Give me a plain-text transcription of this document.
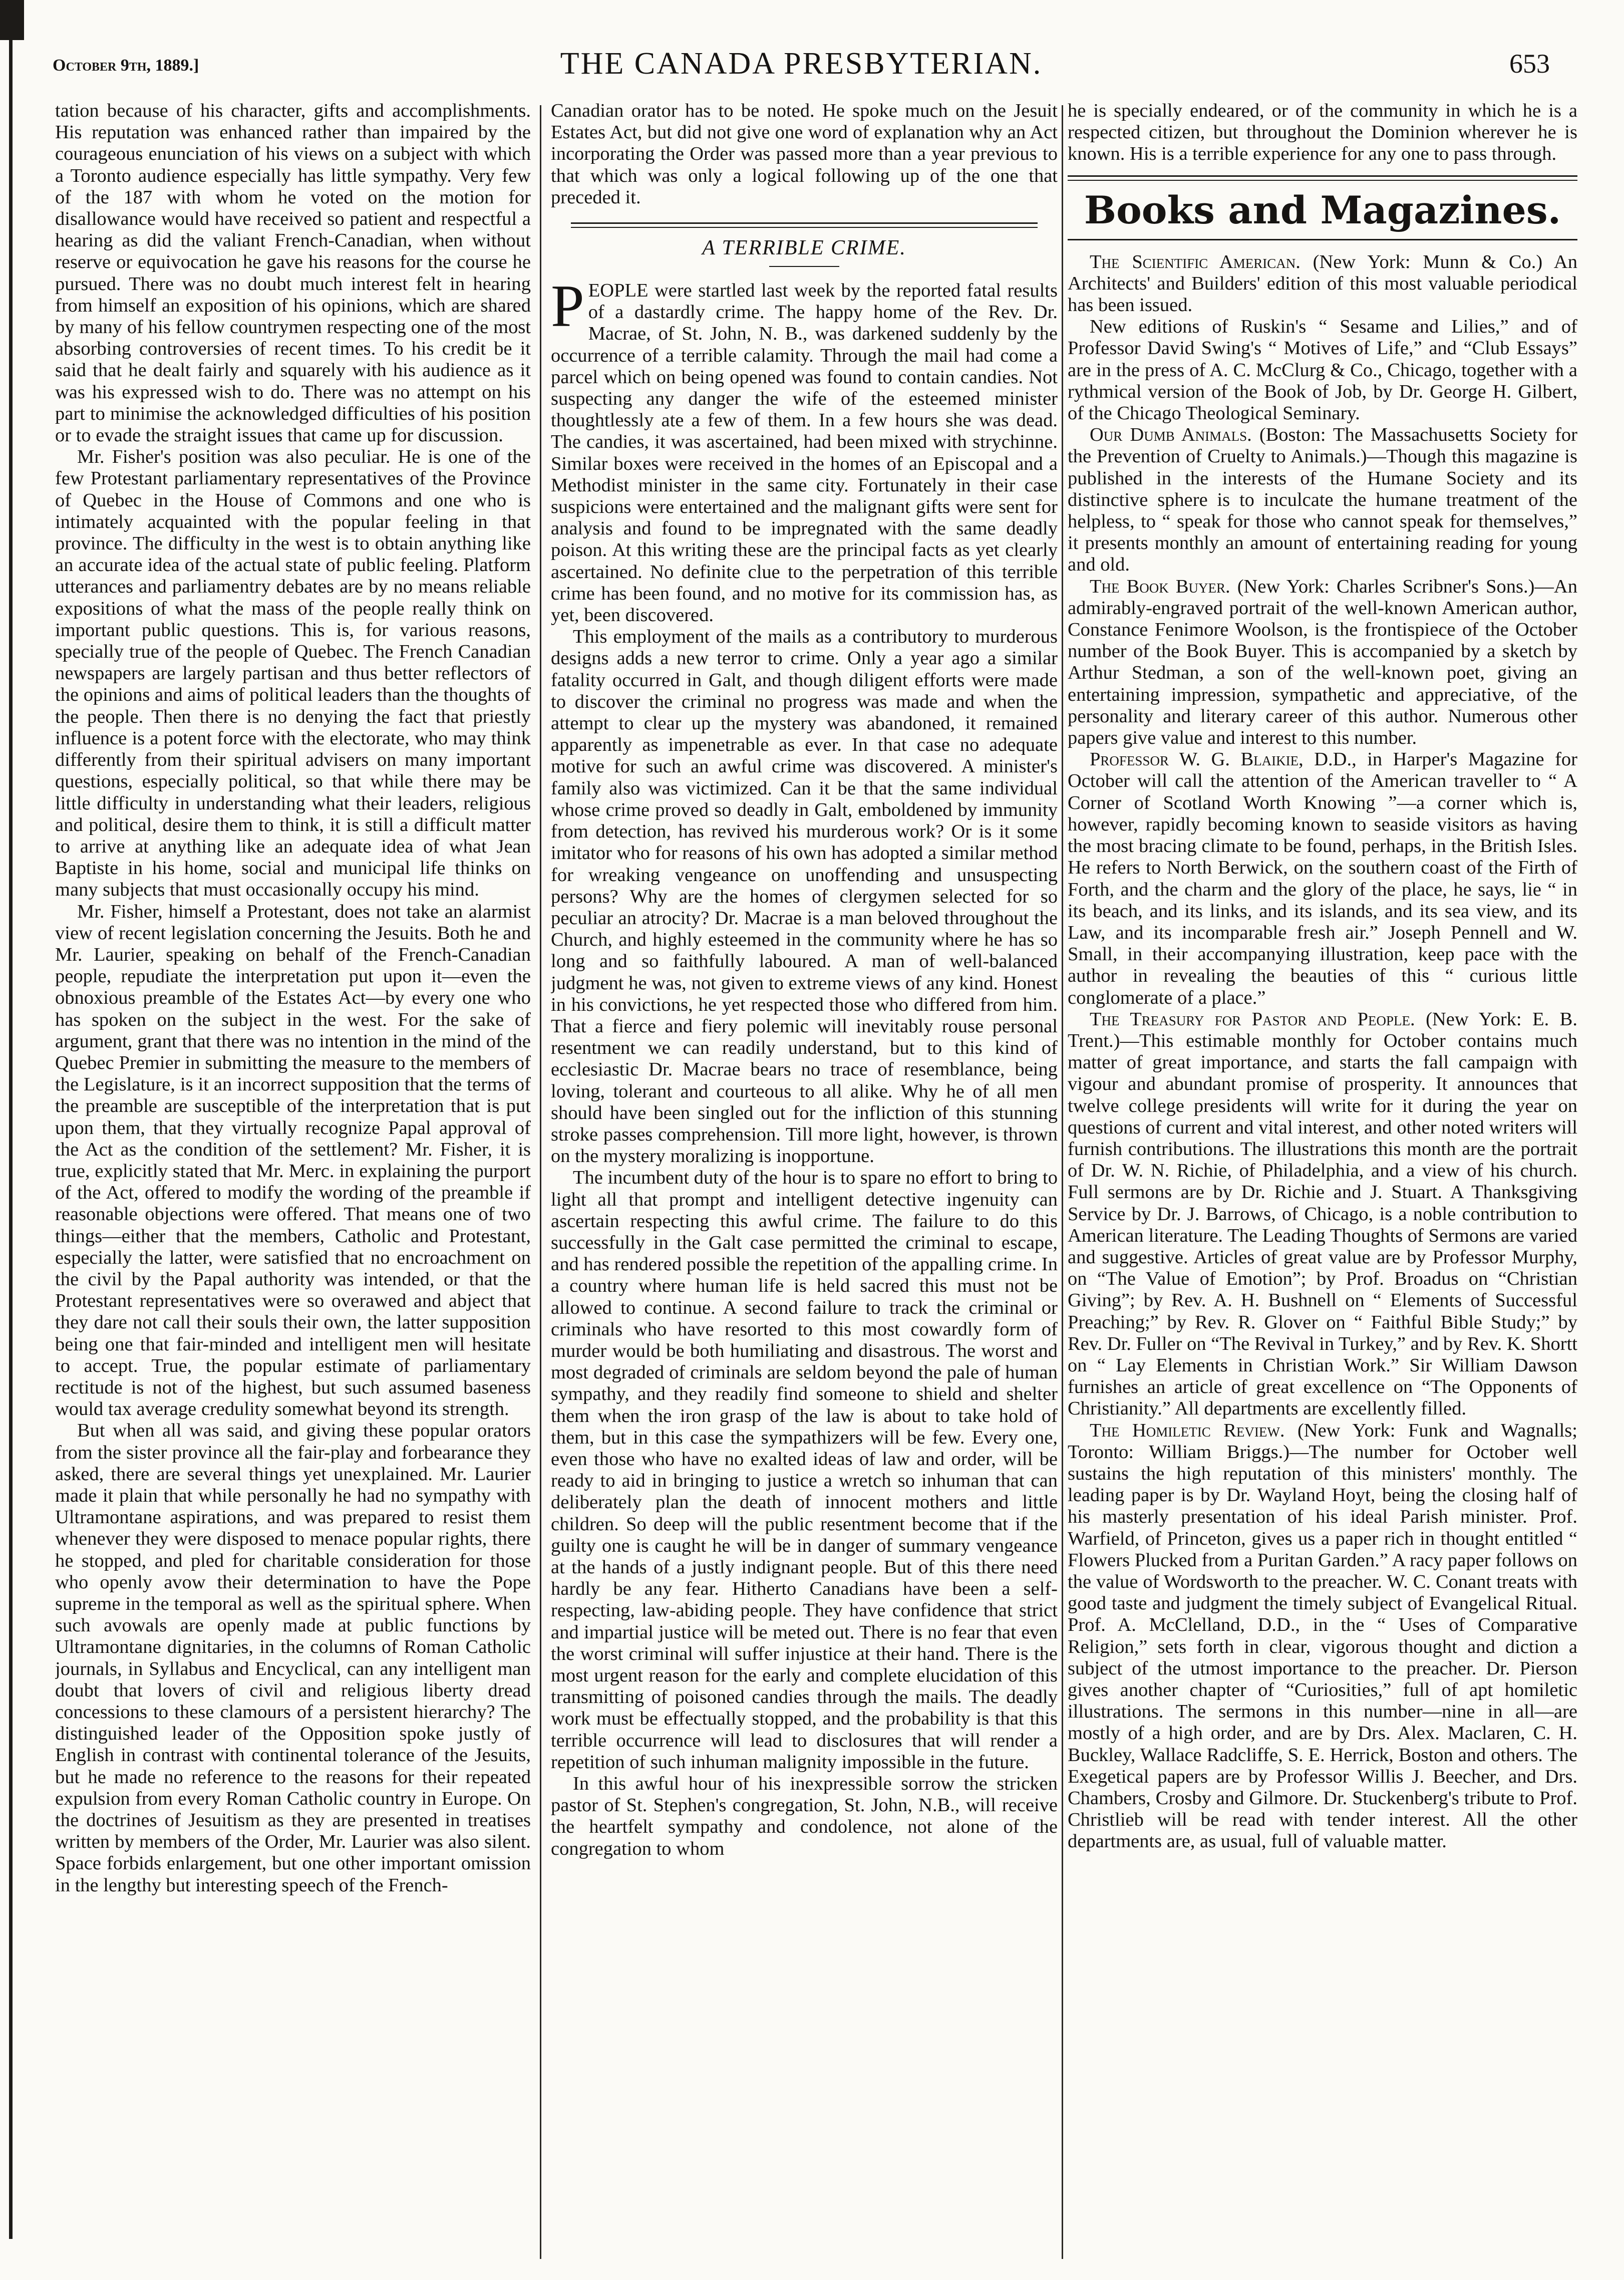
October 9th, 1889.]	THE CANADA PRESBYTERIAN.	653

tation because of his character, gifts and accomplishments. His reputation was enhanced rather than impaired by the courageous enunciation of his views on a subject with which a Toronto audience especially has little sympathy. Very few of the 187 with whom he voted on the motion for disallowance would have received so patient and respectful a hearing as did the valiant French-Canadian, when without reserve or equivocation he gave his reasons for the course he pursued. There was no doubt much interest felt in hearing from himself an exposition of his opinions, which are shared by many of his fellow countrymen respecting one of the most absorbing controversies of recent times. To his credit be it said that he dealt fairly and squarely with his audience as it was his expressed wish to do. There was no attempt on his part to minimise the acknowledged difficulties of his position or to evade the straight issues that came up for discussion.

Mr. Fisher's position was also peculiar. He is one of the few Protestant parliamentary representatives of the Province of Quebec in the House of Commons and one who is intimately acquainted with the popular feeling in that province. The difficulty in the west is to obtain anything like an accurate idea of the actual state of public feeling. Platform utterances and parliamentry debates are by no means reliable expositions of what the mass of the people really think on important public questions. This is, for various reasons, specially true of the people of Quebec. The French Canadian newspapers are largely partisan and thus better reflectors of the opinions and aims of political leaders than the thoughts of the people. Then there is no denying the fact that priestly influence is a potent force with the electorate, who may think differently from their spiritual advisers on many important questions, especially political, so that while there may be little difficulty in understanding what their leaders, religious and political, desire them to think, it is still a difficult matter to arrive at anything like an adequate idea of what Jean Baptiste in his home, social and municipal life thinks on many subjects that must occasionally occupy his mind.

Mr. Fisher, himself a Protestant, does not take an alarmist view of recent legislation concerning the Jesuits. Both he and Mr. Laurier, speaking on behalf of the French-Canadian people, repudiate the interpretation put upon it—even the obnoxious preamble of the Estates Act—by every one who has spoken on the subject in the west. For the sake of argument, grant that there was no intention in the mind of the Quebec Premier in submitting the measure to the members of the Legislature, is it an incorrect supposition that the terms of the preamble are susceptible of the interpretation that is put upon them, that they virtually recognize Papal approval of the Act as the condition of the settlement? Mr. Fisher, it is true, explicitly stated that Mr. Merc. in explaining the purport of the Act, offered to modify the wording of the preamble if reasonable objections were offered. That means one of two things—either that the members, Catholic and Protestant, especially the latter, were satisfied that no encroachment on the civil by the Papal authority was intended, or that the Protestant representatives were so overawed and abject that they dare not call their souls their own, the latter supposition being one that fair-minded and intelligent men will hesitate to accept. True, the popular estimate of parliamentary rectitude is not of the highest, but such assumed baseness would tax average credulity somewhat beyond its strength.

But when all was said, and giving these popular orators from the sister province all the fair-play and forbearance they asked, there are several things yet unexplained. Mr. Laurier made it plain that while personally he had no sympathy with Ultramontane aspirations, and was prepared to resist them whenever they were disposed to menace popular rights, there he stopped, and pled for charitable consideration for those who openly avow their determination to have the Pope supreme in the temporal as well as the spiritual sphere. When such avowals are openly made at public functions by Ultramontane dignitaries, in the columns of Roman Catholic journals, in Syllabus and Encyclical, can any intelligent man doubt that lovers of civil and religious liberty dread concessions to these clamours of a persistent hierarchy? The distinguished leader of the Opposition spoke justly of English in contrast with continental tolerance of the Jesuits, but he made no reference to the reasons for their repeated expulsion from every Roman Catholic country in Europe. On the doctrines of Jesuitism as they are presented in treatises written by members of the Order, Mr. Laurier was also silent. Space forbids enlargement, but one other important omission in the lengthy but interesting speech of the French-

Canadian orator has to be noted. He spoke much on the Jesuit Estates Act, but did not give one word of explanation why an Act incorporating the Order was passed more than a year previous to that which was only a logical following up of the one that preceded it.

A TERRIBLE CRIME.

PEOPLE were startled last week by the reported fatal results of a dastardly crime. The happy home of the Rev. Dr. Macrae, of St. John, N. B., was darkened suddenly by the occurrence of a terrible calamity. Through the mail had come a parcel which on being opened was found to contain candies. Not suspecting any danger the wife of the esteemed minister thoughtlessly ate a few of them. In a few hours she was dead. The candies, it was ascertained, had been mixed with strychinne. Similar boxes were received in the homes of an Episcopal and a Methodist minister in the same city. Fortunately in their case suspicions were entertained and the malignant gifts were sent for analysis and found to be impregnated with the same deadly poison. At this writing these are the principal facts as yet clearly ascertained. No definite clue to the perpetration of this terrible crime has been found, and no motive for its commission has, as yet, been discovered.

This employment of the mails as a contributory to murderous designs adds a new terror to crime. Only a year ago a similar fatality occurred in Galt, and though diligent efforts were made to discover the criminal no progress was made and when the attempt to clear up the mystery was abandoned, it remained apparently as impenetrable as ever. In that case no adequate motive for such an awful crime was discovered. A minister's family also was victimized. Can it be that the same individual whose crime proved so deadly in Galt, emboldened by immunity from detection, has revived his murderous work? Or is it some imitator who for reasons of his own has adopted a similar method for wreaking vengeance on unoffending and unsuspecting persons? Why are the homes of clergymen selected for so peculiar an atrocity? Dr. Macrae is a man beloved throughout the Church, and highly esteemed in the community where he has so long and so faithfully laboured. A man of well-balanced judgment he was, not given to extreme views of any kind. Honest in his convictions, he yet respected those who differed from him. That a fierce and fiery polemic will inevitably rouse personal resentment we can readily understand, but to this kind of ecclesiastic Dr. Macrae bears no trace of resemblance, being loving, tolerant and courteous to all alike. Why he of all men should have been singled out for the infliction of this stunning stroke passes comprehension. Till more light, however, is thrown on the mystery moralizing is inopportune.

The incumbent duty of the hour is to spare no effort to bring to light all that prompt and intelligent detective ingenuity can ascertain respecting this awful crime. The failure to do this successfully in the Galt case permitted the criminal to escape, and has rendered possible the repetition of the appalling crime. In a country where human life is held sacred this must not be allowed to continue. A second failure to track the criminal or criminals who have resorted to this most cowardly form of murder would be both humiliating and disastrous. The worst and most degraded of criminals are seldom beyond the pale of human sympathy, and they readily find someone to shield and shelter them when the iron grasp of the law is about to take hold of them, but in this case the sympathizers will be few. Every one, even those who have no exalted ideas of law and order, will be ready to aid in bringing to justice a wretch so inhuman that can deliberately plan the death of innocent mothers and little children. So deep will the public resentment become that if the guilty one is caught he will be in danger of summary vengeance at the hands of a justly indignant people. But of this there need hardly be any fear. Hitherto Canadians have been a self-respecting, law-abiding people. They have confidence that strict and impartial justice will be meted out. There is no fear that even the worst criminal will suffer injustice at their hand. There is the most urgent reason for the early and complete elucidation of this transmitting of poisoned candies through the mails. The deadly work must be effectually stopped, and the probability is that this terrible occurrence will lead to disclosures that will render a repetition of such inhuman malignity impossible in the future.

In this awful hour of his inexpressible sorrow the stricken pastor of St. Stephen's congregation, St. John, N.B., will receive the heartfelt sympathy and condolence, not alone of the congregation to whom

he is specially endeared, or of the community in which he is a respected citizen, but throughout the Dominion wherever he is known. His is a terrible experience for any one to pass through.

Books and Magazines.

The Scientific American. (New York: Munn & Co.) An Architects' and Builders' edition of this most valuable periodical has been issued.

New editions of Ruskin's “ Sesame and Lilies,” and of Professor David Swing's “ Motives of Life,” and “Club Essays” are in the press of A. C. McClurg & Co., Chicago, together with a rythmical version of the Book of Job, by Dr. George H. Gilbert, of the Chicago Theological Seminary.

Our Dumb Animals. (Boston: The Massachusetts Society for the Prevention of Cruelty to Animals.)—Though this magazine is published in the interests of the Humane Society and its distinctive sphere is to inculcate the humane treatment of the helpless, to “ speak for those who cannot speak for themselves,” it presents monthly an amount of entertaining reading for young and old.

The Book Buyer. (New York: Charles Scribner's Sons.)—An admirably-engraved portrait of the well-known American author, Constance Fenimore Woolson, is the frontispiece of the October number of the Book Buyer. This is accompanied by a sketch by Arthur Stedman, a son of the well-known poet, giving an entertaining impression, sympathetic and appreciative, of the personality and literary career of this author. Numerous other papers give value and interest to this number.

Professor W. G. Blaikie, D.D., in Harper's Magazine for October will call the attention of the American traveller to “ A Corner of Scotland Worth Knowing ”—a corner which is, however, rapidly becoming known to seaside visitors as having the most bracing climate to be found, perhaps, in the British Isles. He refers to North Berwick, on the southern coast of the Firth of Forth, and the charm and the glory of the place, he says, lie “ in its beach, and its links, and its islands, and its sea view, and its Law, and its incomparable fresh air.” Joseph Pennell and W. Small, in their accompanying illustration, keep pace with the author in revealing the beauties of this “ curious little conglomerate of a place.”

The Treasury for Pastor and People. (New York: E. B. Trent.)—This estimable monthly for October contains much matter of great importance, and starts the fall campaign with vigour and abundant promise of prosperity. It announces that twelve college presidents will write for it during the year on questions of current and vital interest, and other noted writers will furnish contributions. The illustrations this month are the portrait of Dr. W. N. Richie, of Philadelphia, and a view of his church. Full sermons are by Dr. Richie and J. Stuart. A Thanksgiving Service by Dr. J. Barrows, of Chicago, is a noble contribution to American literature. The Leading Thoughts of Sermons are varied and suggestive. Articles of great value are by Professor Murphy, on “The Value of Emotion”; by Prof. Broadus on “Christian Giving”; by Rev. A. H. Bushnell on “ Elements of Successful Preaching;” by Rev. R. Glover on “ Faithful Bible Study;” by Rev. Dr. Fuller on “The Revival in Turkey,” and by Rev. K. Shortt on “ Lay Elements in Christian Work.” Sir William Dawson furnishes an article of great excellence on “The Opponents of Christianity.” All departments are excellently filled.

The Homiletic Review. (New York: Funk and Wagnalls; Toronto: William Briggs.)—The number for October well sustains the high reputation of this ministers' monthly. The leading paper is by Dr. Wayland Hoyt, being the closing half of his masterly presentation of his ideal Parish minister. Prof. Warfield, of Princeton, gives us a paper rich in thought entitled “ Flowers Plucked from a Puritan Garden.” A racy paper follows on the value of Wordsworth to the preacher. W. C. Conant treats with good taste and judgment the timely subject of Evangelical Ritual. Prof. A. McClelland, D.D., in the “ Uses of Comparative Religion,” sets forth in clear, vigorous thought and diction a subject of the utmost importance to the preacher. Dr. Pierson gives another chapter of “Curiosities,” full of apt homiletic illustrations. The sermons in this number—nine in all—are mostly of a high order, and are by Drs. Alex. Maclaren, C. H. Buckley, Wallace Radcliffe, S. E. Herrick, Boston and others. The Exegetical papers are by Professor Willis J. Beecher, and Drs. Chambers, Crosby and Gilmore. Dr. Stuckenberg's tribute to Prof. Christlieb will be read with tender interest. All the other departments are, as usual, full of valuable matter.
